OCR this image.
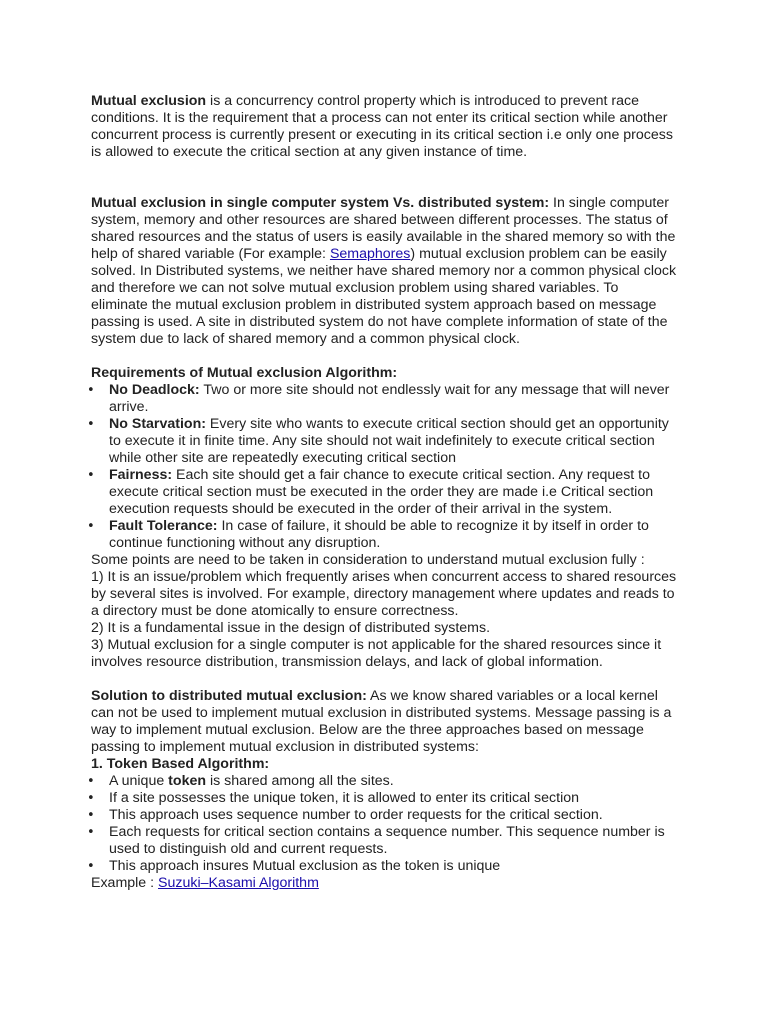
Mutual exclusion is a concurrency control property which is introduced to prevent race conditions. It is the requirement that a process can not enter its critical section while another concurrent process is currently present or executing in its critical section i.e only one process is allowed to execute the critical section at any given instance of time.

Mutual exclusion in single computer system Vs. distributed system: In single computer system, memory and other resources are shared between different processes. The status of shared resources and the status of users is easily available in the shared memory so with the help of shared variable (For example: Semaphores) mutual exclusion problem can be easily solved. In Distributed systems, we neither have shared memory nor a common physical clock and therefore we can not solve mutual exclusion problem using shared variables. To eliminate the mutual exclusion problem in distributed system approach based on message passing is used. A site in distributed system do not have complete information of state of the system due to lack of shared memory and a common physical clock.

Requirements of Mutual exclusion Algorithm:

• No Deadlock: Two or more site should not endlessly wait for any message that will never arrive.
• No Starvation: Every site who wants to execute critical section should get an opportunity to execute it in finite time. Any site should not wait indefinitely to execute critical section while other site are repeatedly executing critical section
• Fairness: Each site should get a fair chance to execute critical section. Any request to execute critical section must be executed in the order they are made i.e Critical section execution requests should be executed in the order of their arrival in the system.
• Fault Tolerance: In case of failure, it should be able to recognize it by itself in order to continue functioning without any disruption.

Some points are need to be taken in consideration to understand mutual exclusion fully :

1) It is an issue/problem which frequently arises when concurrent access to shared resources by several sites is involved. For example, directory management where updates and reads to a directory must be done atomically to ensure correctness.

2) It is a fundamental issue in the design of distributed systems.

3) Mutual exclusion for a single computer is not applicable for the shared resources since it involves resource distribution, transmission delays, and lack of global information.

Solution to distributed mutual exclusion: As we know shared variables or a local kernel can not be used to implement mutual exclusion in distributed systems. Message passing is a way to implement mutual exclusion. Below are the three approaches based on message passing to implement mutual exclusion in distributed systems:

1. Token Based Algorithm:

• A unique token is shared among all the sites.
• If a site possesses the unique token, it is allowed to enter its critical section
• This approach uses sequence number to order requests for the critical section.
• Each requests for critical section contains a sequence number. This sequence number is used to distinguish old and current requests.
• This approach insures Mutual exclusion as the token is unique

Example : Suzuki–Kasami Algorithm
